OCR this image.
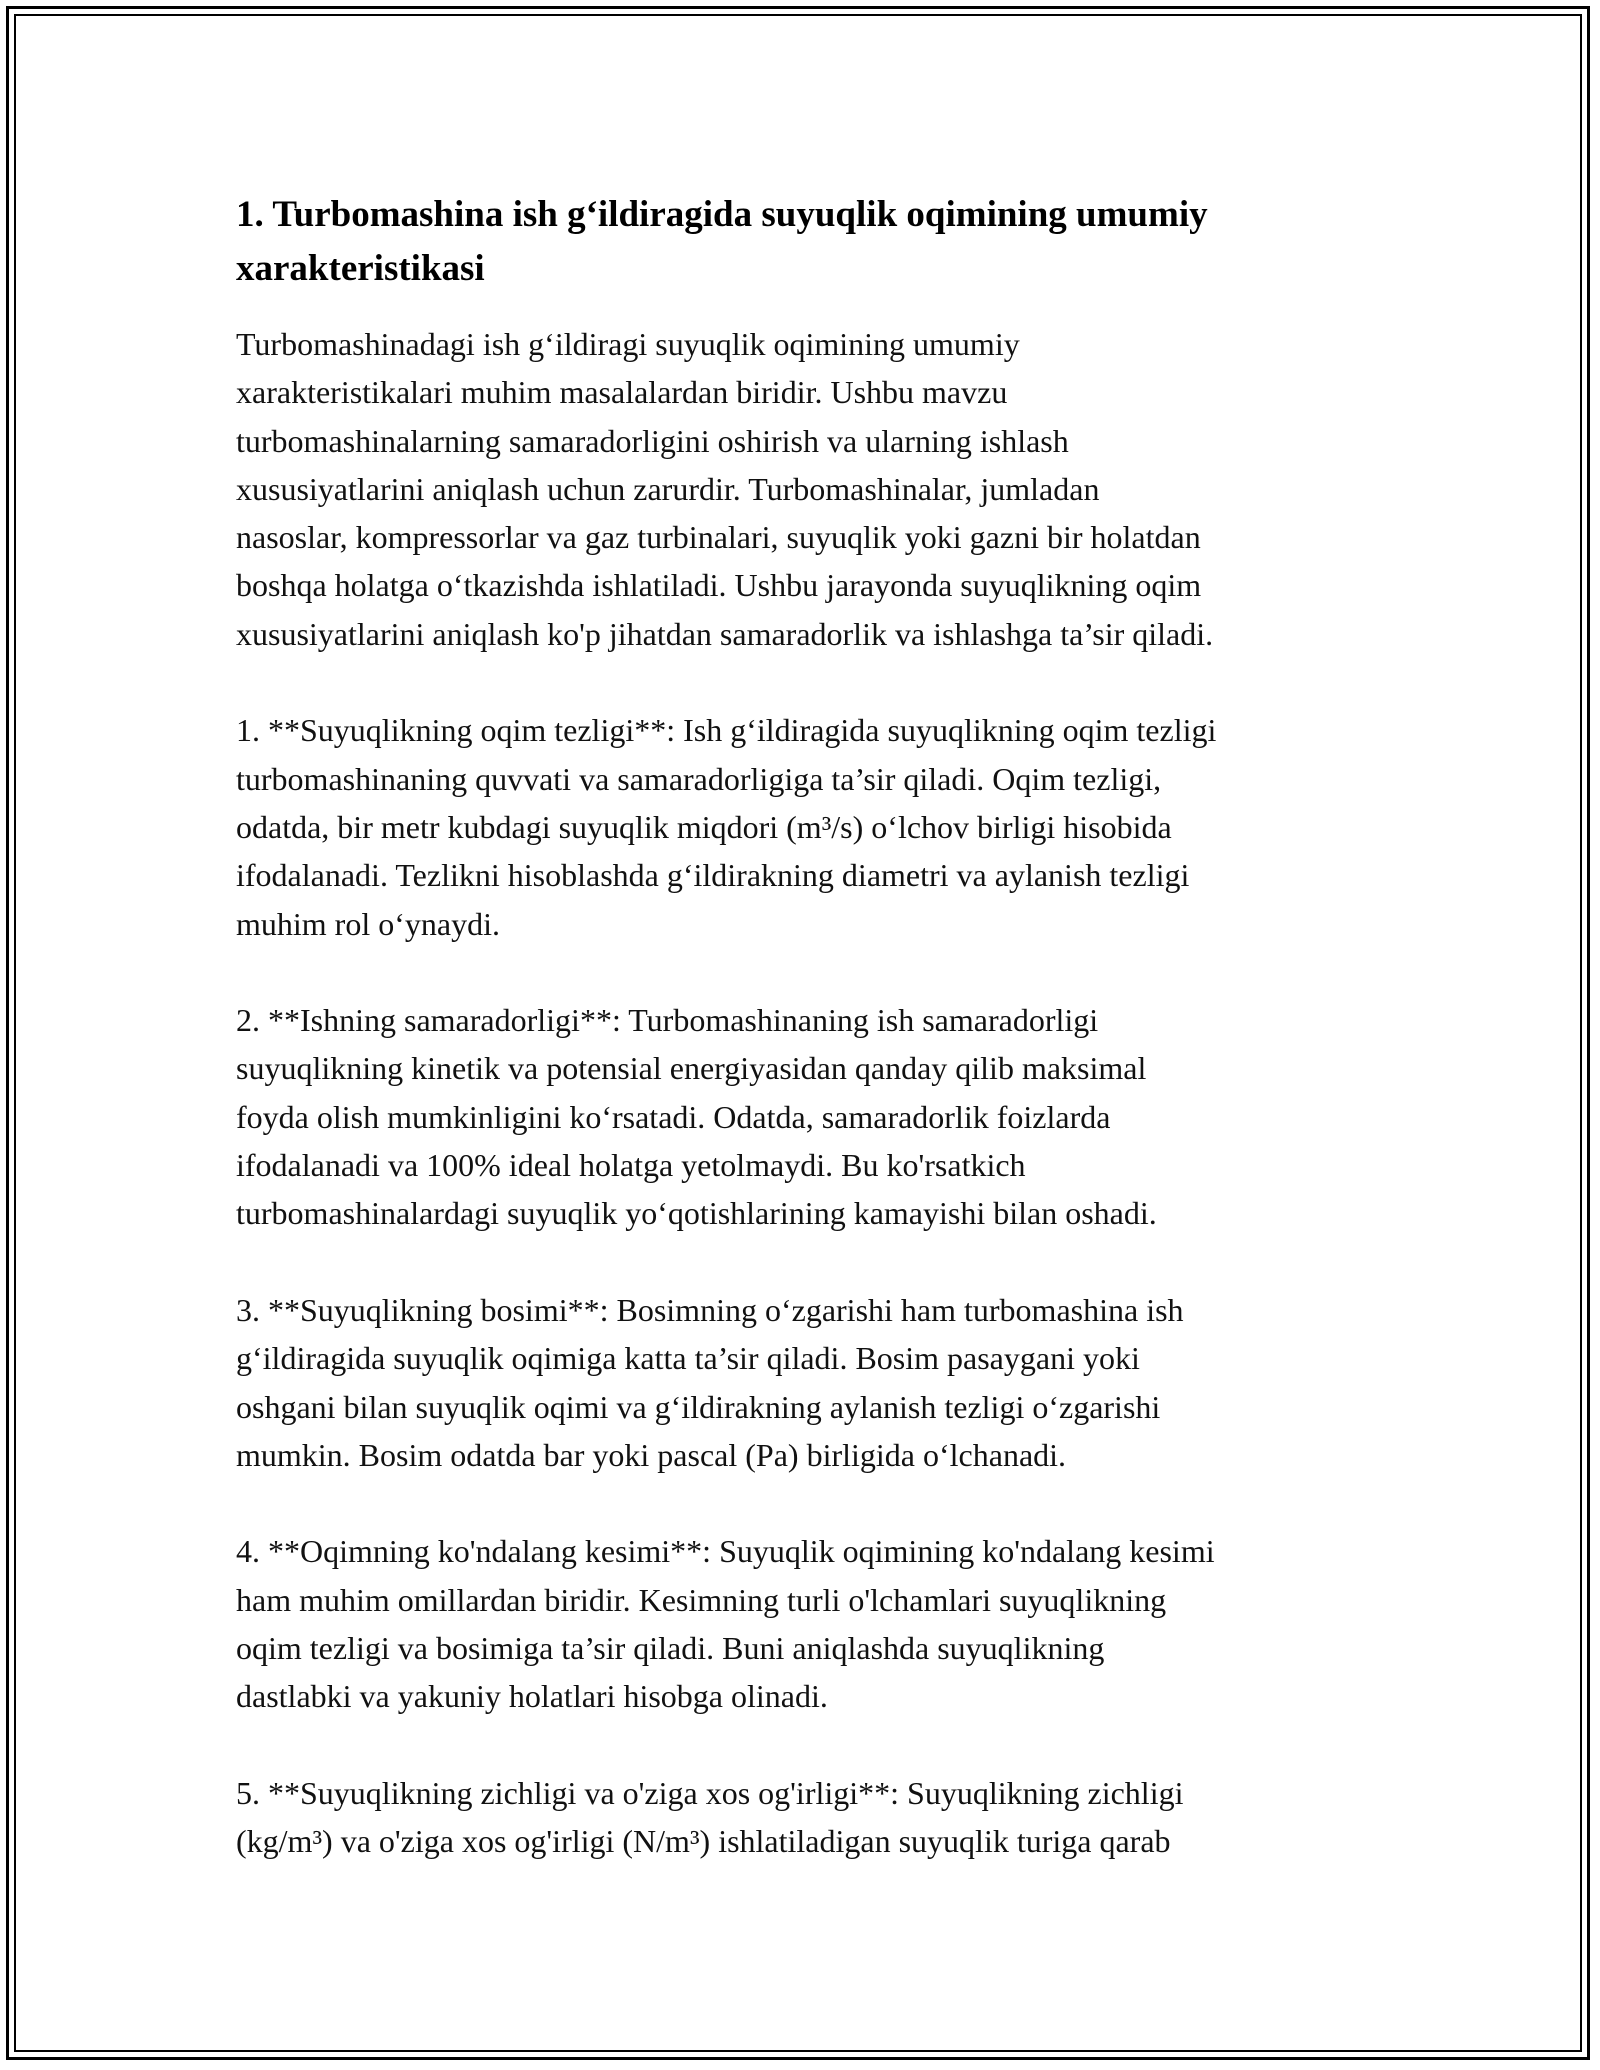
1. Turbomashina ish g‘ildiragida suyuqlik oqimining umumiy
xarakteristikasi

Turbomashinadagi ish g‘ildiragi suyuqlik oqimining umumiy
xarakteristikalari muhim masalalardan biridir. Ushbu mavzu
turbomashinalarning samaradorligini oshirish va ularning ishlash
xususiyatlarini aniqlash uchun zarurdir. Turbomashinalar, jumladan
nasoslar, kompressorlar va gaz turbinalari, suyuqlik yoki gazni bir holatdan
boshqa holatga o‘tkazishda ishlatiladi. Ushbu jarayonda suyuqlikning oqim
xususiyatlarini aniqlash ko'p jihatdan samaradorlik va ishlashga ta’sir qiladi.

1. **Suyuqlikning oqim tezligi**: Ish g‘ildiragida suyuqlikning oqim tezligi
turbomashinaning quvvati va samaradorligiga ta’sir qiladi. Oqim tezligi,
odatda, bir metr kubdagi suyuqlik miqdori (m³/s) o‘lchov birligi hisobida
ifodalanadi. Tezlikni hisoblashda g‘ildirakning diametri va aylanish tezligi
muhim rol o‘ynaydi.

2. **Ishning samaradorligi**: Turbomashinaning ish samaradorligi
suyuqlikning kinetik va potensial energiyasidan qanday qilib maksimal
foyda olish mumkinligini ko‘rsatadi. Odatda, samaradorlik foizlarda
ifodalanadi va 100% ideal holatga yetolmaydi. Bu ko'rsatkich
turbomashinalardagi suyuqlik yo‘qotishlarining kamayishi bilan oshadi.

3. **Suyuqlikning bosimi**: Bosimning o‘zgarishi ham turbomashina ish
g‘ildiragida suyuqlik oqimiga katta ta’sir qiladi. Bosim pasaygani yoki
oshgani bilan suyuqlik oqimi va g‘ildirakning aylanish tezligi o‘zgarishi
mumkin. Bosim odatda bar yoki pascal (Pa) birligida o‘lchanadi.

4. **Oqimning ko'ndalang kesimi**: Suyuqlik oqimining ko'ndalang kesimi
ham muhim omillardan biridir. Kesimning turli o'lchamlari suyuqlikning
oqim tezligi va bosimiga ta’sir qiladi. Buni aniqlashda suyuqlikning
dastlabki va yakuniy holatlari hisobga olinadi.

5. **Suyuqlikning zichligi va o'ziga xos og'irligi**: Suyuqlikning zichligi
(kg/m³) va o'ziga xos og'irligi (N/m³) ishlatiladigan suyuqlik turiga qarab
